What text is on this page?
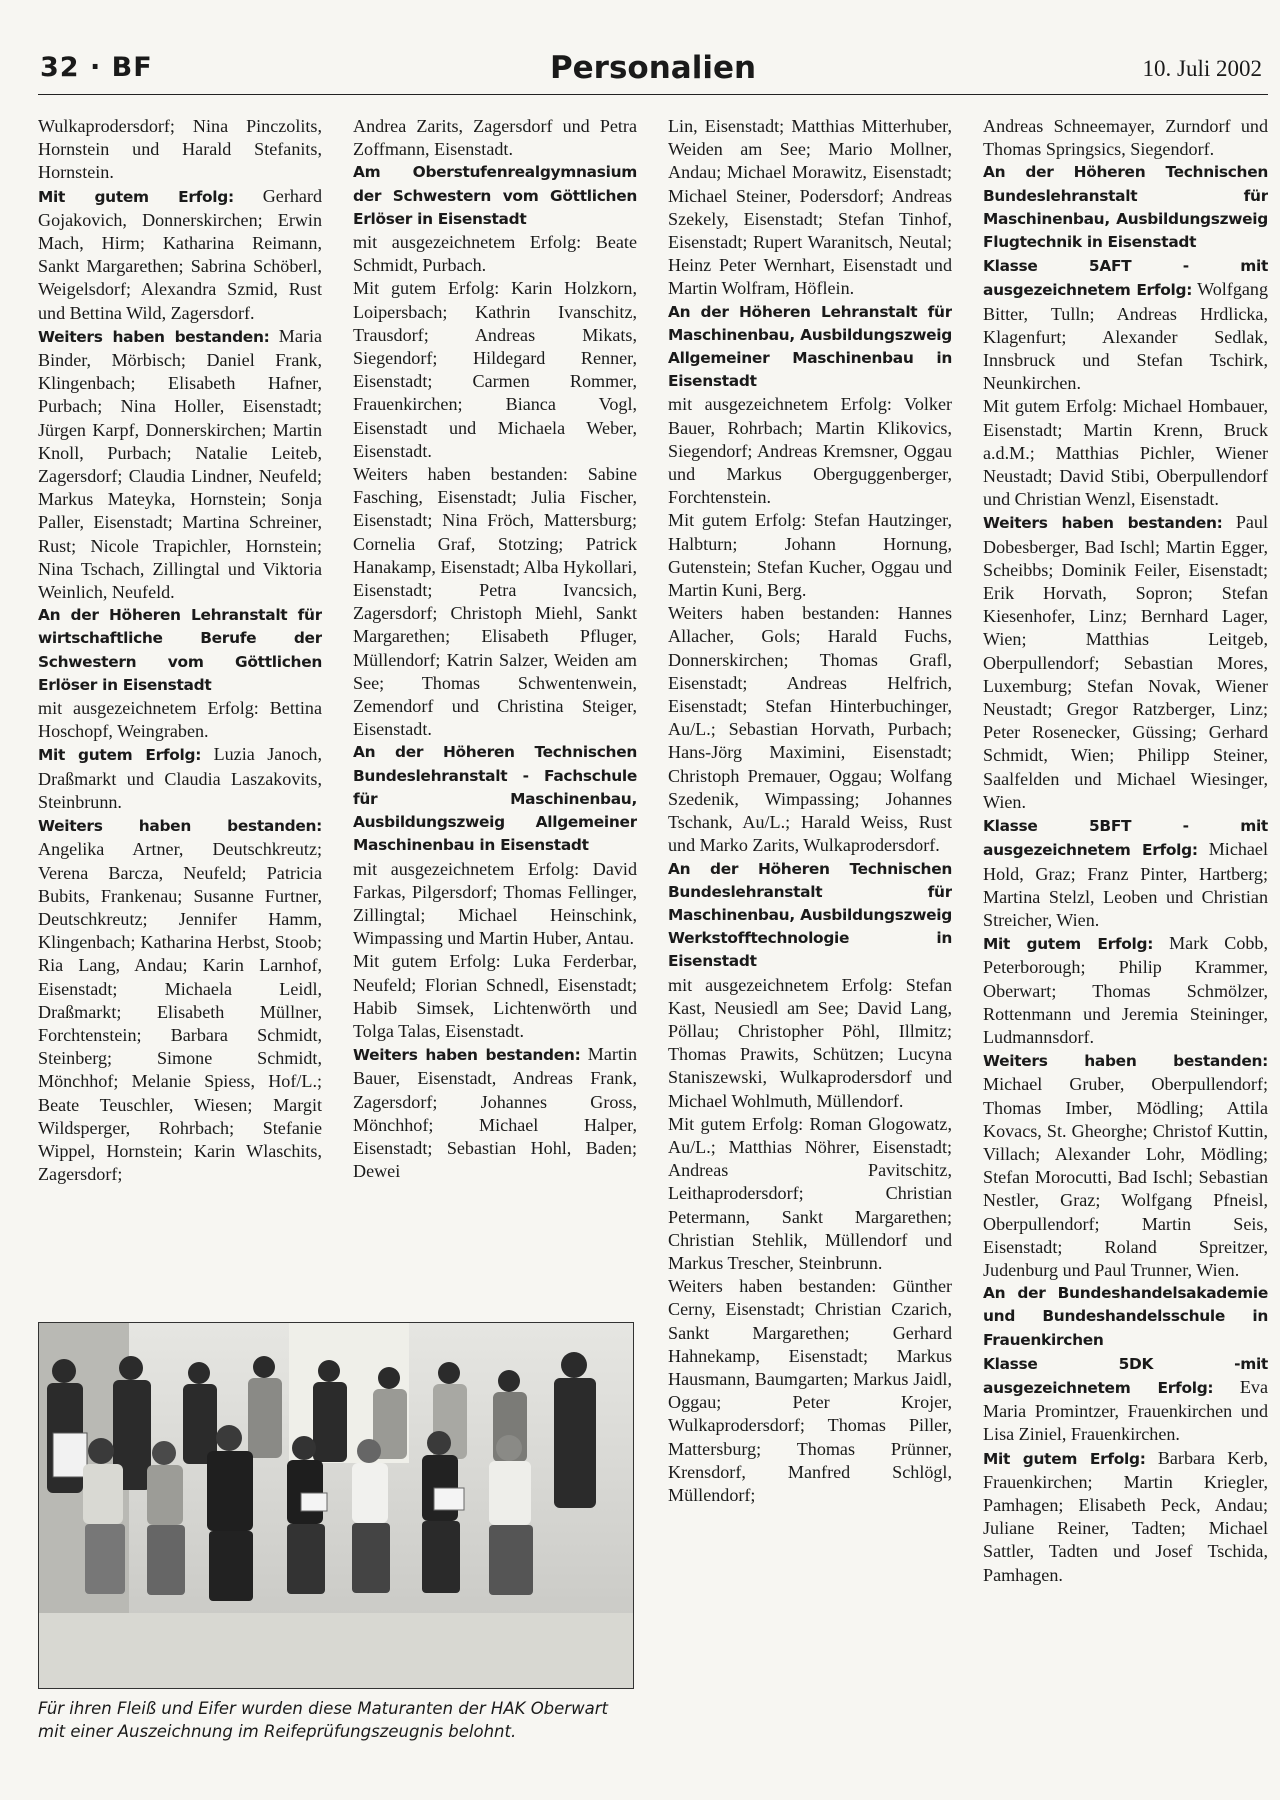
32 · BF	Personalien	10. Juli 2002

Wulkaprodersdorf; Nina Pinczolits, Hornstein und Harald Stefanits, Hornstein.

Mit gutem Erfolg: Gerhard Gojakovich, Donnerskirchen; Erwin Mach, Hirm; Katharina Reimann, Sankt Margarethen; Sabrina Schöberl, Weigelsdorf; Alexandra Szmid, Rust und Bettina Wild, Zagersdorf.

Weiters haben bestanden: Maria Binder, Mörbisch; Daniel Frank, Klingenbach; Elisabeth Hafner, Purbach; Nina Holler, Eisenstadt; Jürgen Karpf, Donnerskirchen; Martin Knoll, Purbach; Natalie Leiteb, Zagersdorf; Claudia Lindner, Neufeld; Markus Mateyka, Hornstein; Sonja Paller, Eisenstadt; Martina Schreiner, Rust; Nicole Trapichler, Hornstein; Nina Tschach, Zillingtal und Viktoria Weinlich, Neufeld.

An der Höheren Lehranstalt für wirtschaftliche Berufe der Schwestern vom Göttlichen Erlöser in Eisenstadt

mit ausgezeichnetem Erfolg: Bettina Hoschopf, Weingraben.

Mit gutem Erfolg: Luzia Janoch, Draßmarkt und Claudia Laszakovits, Steinbrunn.

Weiters haben bestanden: Angelika Artner, Deutschkreutz; Verena Barcza, Neufeld; Patricia Bubits, Frankenau; Susanne Furtner, Deutschkreutz; Jennifer Hamm, Klingenbach; Katharina Herbst, Stoob; Ria Lang, Andau; Karin Larnhof, Eisenstadt; Michaela Leidl, Draßmarkt; Elisabeth Müllner, Forchtenstein; Barbara Schmidt, Steinberg; Simone Schmidt, Mönchhof; Melanie Spiess, Hof/L.; Beate Teuschler, Wiesen; Margit Wildsperger, Rohrbach; Stefanie Wippel, Hornstein; Karin Wlaschits, Zagersdorf;

Andrea Zarits, Zagersdorf und Petra Zoffmann, Eisenstadt.

Am Oberstufenrealgymnasium der Schwestern vom Göttlichen Erlöser in Eisenstadt

mit ausgezeichnetem Erfolg: Beate Schmidt, Purbach.

Mit gutem Erfolg: Karin Holzkorn, Loipersbach; Kathrin Ivanschitz, Trausdorf; Andreas Mikats, Siegendorf; Hildegard Renner, Eisenstadt; Carmen Rommer, Frauenkirchen; Bianca Vogl, Eisenstadt und Michaela Weber, Eisenstadt.

Weiters haben bestanden: Sabine Fasching, Eisenstadt; Julia Fischer, Eisenstadt; Nina Fröch, Mattersburg; Cornelia Graf, Stotzing; Patrick Hanakamp, Eisenstadt; Alba Hykollari, Eisenstadt; Petra Ivancsich, Zagersdorf; Christoph Miehl, Sankt Margarethen; Elisabeth Pfluger, Müllendorf; Katrin Salzer, Weiden am See; Thomas Schwentenwein, Zemendorf und Christina Steiger, Eisenstadt.

An der Höheren Technischen Bundeslehranstalt - Fachschule für Maschinenbau, Ausbildungszweig Allgemeiner Maschinenbau in Eisenstadt

mit ausgezeichnetem Erfolg: David Farkas, Pilgersdorf; Thomas Fellinger, Zillingtal; Michael Heinschink, Wimpassing und Martin Huber, Antau.

Mit gutem Erfolg: Luka Ferderbar, Neufeld; Florian Schnedl, Eisenstadt; Habib Simsek, Lichtenwörth und Tolga Talas, Eisenstadt.

Weiters haben bestanden: Martin Bauer, Eisenstadt, Andreas Frank, Zagersdorf; Johannes Gross, Mönchhof; Michael Halper, Eisenstadt; Sebastian Hohl, Baden; Dewei

Lin, Eisenstadt; Matthias Mitterhuber, Weiden am See; Mario Mollner, Andau; Michael Morawitz, Eisenstadt; Michael Steiner, Podersdorf; Andreas Szekely, Eisenstadt; Stefan Tinhof, Eisenstadt; Rupert Waranitsch, Neutal; Heinz Peter Wernhart, Eisenstadt und Martin Wolfram, Höflein.

An der Höheren Lehranstalt für Maschinenbau, Ausbildungszweig Allgemeiner Maschinenbau in Eisenstadt

mit ausgezeichnetem Erfolg: Volker Bauer, Rohrbach; Martin Klikovics, Siegendorf; Andreas Kremsner, Oggau und Markus Oberguggenberger, Forchtenstein.

Mit gutem Erfolg: Stefan Hautzinger, Halbturn; Johann Hornung, Gutenstein; Stefan Kucher, Oggau und Martin Kuni, Berg.

Weiters haben bestanden: Hannes Allacher, Gols; Harald Fuchs, Donnerskirchen; Thomas Grafl, Eisenstadt; Andreas Helfrich, Eisenstadt; Stefan Hinterbuchinger, Au/L.; Sebastian Horvath, Purbach; Hans-Jörg Maximini, Eisenstadt; Christoph Premauer, Oggau; Wolfang Szedenik, Wimpassing; Johannes Tschank, Au/L.; Harald Weiss, Rust und Marko Zarits, Wulkaprodersdorf.

An der Höheren Technischen Bundeslehranstalt für Maschinenbau, Ausbildungszweig Werkstofftechnologie in Eisenstadt

mit ausgezeichnetem Erfolg: Stefan Kast, Neusiedl am See; David Lang, Pöllau; Christopher Pöhl, Illmitz; Thomas Prawits, Schützen; Lucyna Staniszewski, Wulkaprodersdorf und Michael Wohlmuth, Müllendorf.

Mit gutem Erfolg: Roman Glogowatz, Au/L.; Matthias Nöhrer, Eisenstadt; Andreas Pavitschitz, Leithaprodersdorf; Christian Petermann, Sankt Margarethen; Christian Stehlik, Müllendorf und Markus Trescher, Steinbrunn.

Weiters haben bestanden: Günther Cerny, Eisenstadt; Christian Czarich, Sankt Margarethen; Gerhard Hahnekamp, Eisenstadt; Markus Hausmann, Baumgarten; Markus Jaidl, Oggau; Peter Krojer, Wulkaprodersdorf; Thomas Piller, Mattersburg; Thomas Prünner, Krensdorf, Manfred Schlögl, Müllendorf;

Andreas Schneemayer, Zurndorf und Thomas Springsics, Siegendorf.

An der Höheren Technischen Bundeslehranstalt für Maschinenbau, Ausbildungszweig Flugtechnik in Eisenstadt

Klasse 5AFT - mit ausgezeichnetem Erfolg: Wolfgang Bitter, Tulln; Andreas Hrdlicka, Klagenfurt; Alexander Sedlak, Innsbruck und Stefan Tschirk, Neunkirchen.

Mit gutem Erfolg: Michael Hombauer, Eisenstadt; Martin Krenn, Bruck a.d.M.; Matthias Pichler, Wiener Neustadt; David Stibi, Oberpullendorf und Christian Wenzl, Eisenstadt.

Weiters haben bestanden: Paul Dobesberger, Bad Ischl; Martin Egger, Scheibbs; Dominik Feiler, Eisenstadt; Erik Horvath, Sopron; Stefan Kiesenhofer, Linz; Bernhard Lager, Wien; Matthias Leitgeb, Oberpullendorf; Sebastian Mores, Luxemburg; Stefan Novak, Wiener Neustadt; Gregor Ratzberger, Linz; Peter Rosenecker, Güssing; Gerhard Schmidt, Wien; Philipp Steiner, Saalfelden und Michael Wiesinger, Wien.

Klasse 5BFT - mit ausgezeichnetem Erfolg: Michael Hold, Graz; Franz Pinter, Hartberg; Martina Stelzl, Leoben und Christian Streicher, Wien.

Mit gutem Erfolg: Mark Cobb, Peterborough; Philip Krammer, Oberwart; Thomas Schmölzer, Rottenmann und Jeremia Steininger, Ludmannsdorf.

Weiters haben bestanden: Michael Gruber, Oberpullendorf; Thomas Imber, Mödling; Attila Kovacs, St. Gheorghe; Christof Kuttin, Villach; Alexander Lohr, Mödling; Stefan Morocutti, Bad Ischl; Sebastian Nestler, Graz; Wolfgang Pfneisl, Oberpullendorf; Martin Seis, Eisenstadt; Roland Spreitzer, Judenburg und Paul Trunner, Wien.

An der Bundeshandelsakademie und Bundeshandelsschule in Frauenkirchen

Klasse 5DK -mit ausgezeichnetem Erfolg: Eva Maria Promintzer, Frauenkirchen und Lisa Ziniel, Frauenkirchen.

Mit gutem Erfolg: Barbara Kerb, Frauenkirchen; Martin Kriegler, Pamhagen; Elisabeth Peck, Andau; Juliane Reiner, Tadten; Michael Sattler, Tadten und Josef Tschida, Pamhagen.

Für ihren Fleiß und Eifer wurden diese Maturanten der HAK Oberwart mit einer Auszeichnung im Reifeprüfungszeugnis belohnt.
